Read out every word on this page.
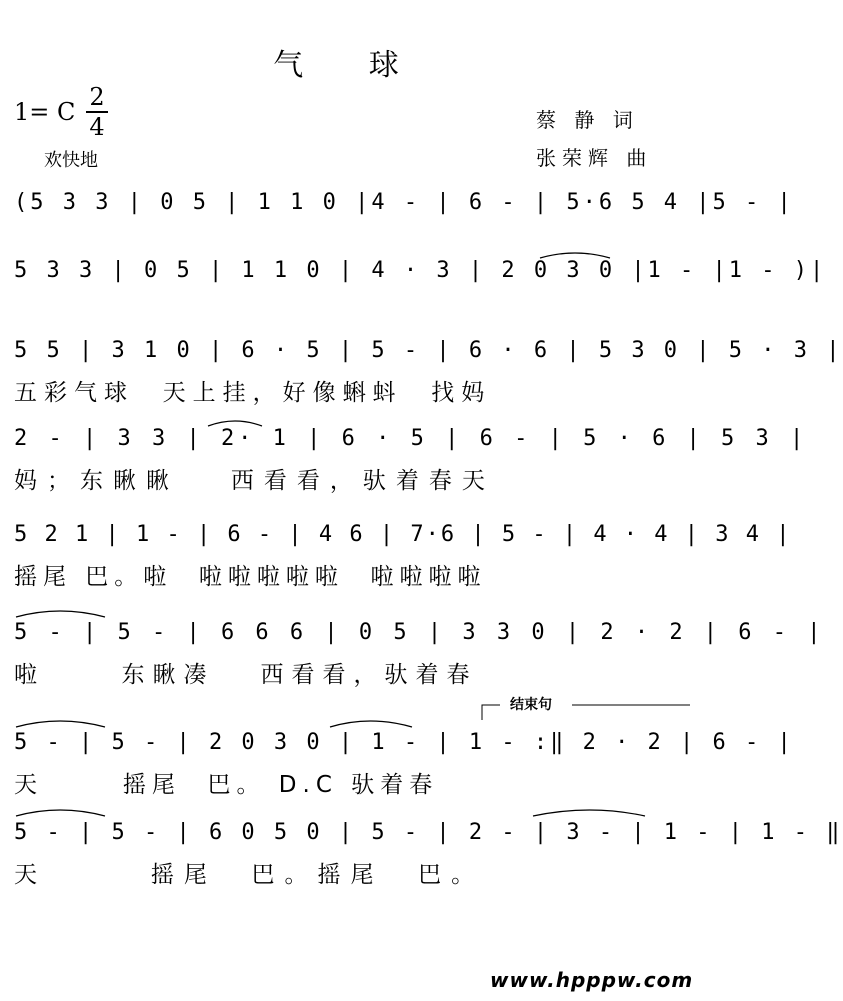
气 球
1= C
2
4
欢快地
蔡 静 词
张荣辉 曲
(5 3 3 | 0 5 | 1 1 0 |4 - | 6 - | 5·6 5 4 |5 - |
5 3 3 | 0 5 | 1 1 0 | 4 · 3 | 2 0 3 0 |1 - |1 - )|
5 5 | 3 1 0 | 6 · 5 | 5 - | 6 · 6 | 5 3 0 | 5 · 3 |
五彩气球  天上挂，好像蝌蚪  找妈
2 - | 3 3 | 2· 1 | 6 · 5 | 6 - | 5 · 6 | 5 3 |
妈；东瞅瞅   西看看，驮着春天
5 2 1 | 1 - | 6 - | 4 6 | 7·6 | 5 - | 4 · 4 | 3 4 |
摇尾 巴。啦  啦啦啦啦啦  啦啦啦啦
5 - | 5 - | 6 6 6 | 0 5 | 3 3 0 | 2 · 2 | 6 - |
啦     东瞅凑   西看看，驮着春
5 - | 5 - | 2 0 3 0 | 1 - | 1 - :‖ 2 · 2 | 6 - |
天      摇尾  巴。 D.C 驮着春
5 - | 5 - | 6 0 5 0 | 5 - | 2 - | 3 - | 1 - | 1 - ‖
天      摇尾  巴。摇尾  巴。
结束句
www.hpppw.com
